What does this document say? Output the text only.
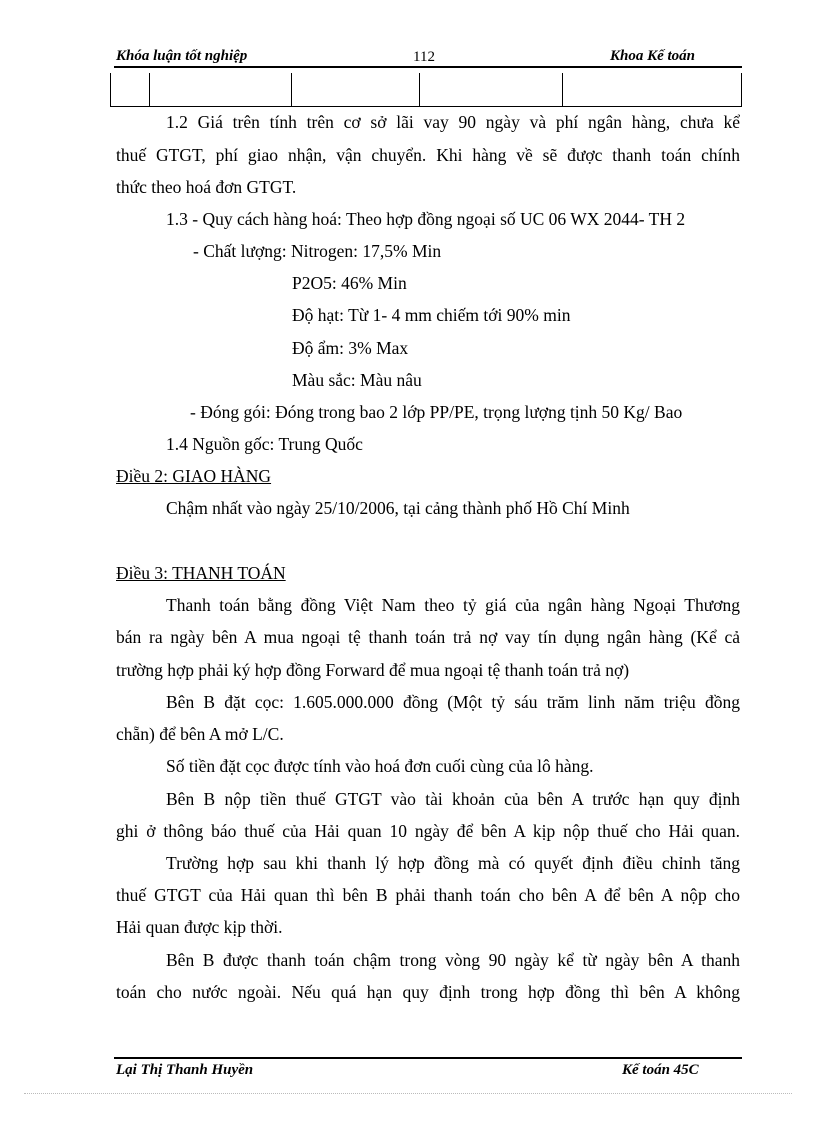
Khóa luận tốt nghiệp	112	Khoa Kế toán
1.2 Giá trên tính trên cơ sở lãi vay 90 ngày và phí ngân hàng, chưa kể
thuế GTGT, phí giao nhận, vận chuyển. Khi hàng về sẽ được thanh toán chính
thức theo hoá đơn GTGT.
1.3 - Quy cách hàng hoá: Theo hợp đồng ngoại số UC 06 WX 2044- TH 2
- Chất lượng: Nitrogen: 17,5% Min
P2O5: 46% Min
Độ hạt: Từ 1- 4 mm chiếm tới 90% min
Độ ẩm: 3% Max
Màu sắc: Màu nâu
- Đóng gói: Đóng trong bao 2 lớp PP/PE, trọng lượng tịnh 50 Kg/ Bao
1.4 Nguồn gốc: Trung Quốc
Điều 2: GIAO HÀNG
Chậm nhất vào ngày 25/10/2006, tại cảng thành phố Hồ Chí Minh
Điều 3: THANH TOÁN
Thanh toán bằng đồng Việt Nam theo tỷ giá của ngân hàng Ngoại Thương
bán ra ngày bên A mua ngoại tệ thanh toán trả nợ vay tín dụng ngân hàng (Kể cả
trường hợp phải ký hợp đồng Forward để mua ngoại tệ thanh toán trả nợ)
Bên B đặt cọc: 1.605.000.000 đồng (Một tỷ sáu trăm linh năm triệu đồng
chẵn) để bên A mở L/C.
Số tiền đặt cọc được tính vào hoá đơn cuối cùng của lô hàng.
Bên B nộp tiền thuế GTGT vào tài khoản của bên A trước hạn quy định
ghi ở thông báo thuế của Hải quan 10 ngày để bên A kịp nộp thuế cho Hải quan.
Trường hợp sau khi thanh lý hợp đồng mà có quyết định điều chỉnh tăng
thuế GTGT của Hải quan thì bên B phải thanh toán cho bên A để bên A nộp cho
Hải quan được kịp thời.
Bên B được thanh toán chậm trong vòng 90 ngày kể từ ngày bên A thanh
toán cho nước ngoài. Nếu quá hạn quy định trong hợp đồng thì bên A không
Lại Thị Thanh Huyền	Kế toán 45C
